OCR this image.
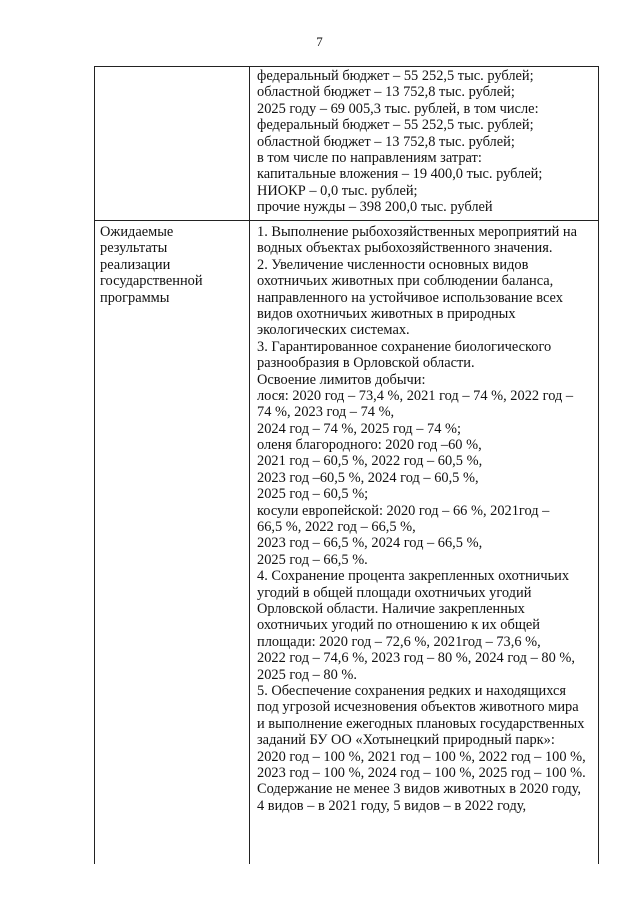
7
федеральный бюджет – 55 252,5 тыс. рублей;
областной бюджет – 13 752,8 тыс. рублей;
2025 году – 69 005,3 тыс. рублей, в том числе:
федеральный бюджет – 55 252,5 тыс. рублей;
областной бюджет – 13 752,8 тыс. рублей;
в том числе по направлениям затрат:
капитальные вложения – 19 400,0 тыс. рублей;
НИОКР – 0,0 тыс. рублей;
прочие нужды – 398 200,0 тыс. рублей
Ожидаемые
результаты
реализации
государственной
программы
1. Выполнение рыбохозяйственных мероприятий на
водных объектах рыбохозяйственного значения.
2. Увеличение численности основных видов
охотничьих животных при соблюдении баланса,
направленного на устойчивое использование всех
видов охотничьих животных в природных
экологических системах.
3. Гарантированное сохранение биологического
разнообразия в Орловской области.
Освоение лимитов добычи:
лося: 2020 год – 73,4 %, 2021 год – 74 %, 2022 год –
74 %, 2023 год – 74 %,
2024 год – 74 %, 2025 год – 74 %;
оленя благородного: 2020 год –60 %,
2021 год – 60,5 %, 2022 год – 60,5 %,
2023 год –60,5 %, 2024 год – 60,5 %,
2025 год – 60,5 %;
косули европейской: 2020 год – 66 %, 2021год –
66,5 %, 2022 год – 66,5 %,
2023 год – 66,5 %, 2024 год – 66,5 %,
2025 год – 66,5 %.
4. Сохранение процента закрепленных охотничьих
угодий в общей площади охотничьих угодий
Орловской области. Наличие закрепленных
охотничьих угодий по отношению к их общей
площади: 2020 год – 72,6 %, 2021год – 73,6 %,
2022 год – 74,6 %, 2023 год – 80 %, 2024 год – 80 %,
2025 год – 80 %.
5. Обеспечение сохранения редких и находящихся
под угрозой исчезновения объектов животного мира
и выполнение ежегодных плановых государственных
заданий БУ ОО «Хотынецкий природный парк»:
2020 год – 100 %, 2021 год – 100 %, 2022 год – 100 %,
2023 год – 100 %, 2024 год – 100 %, 2025 год – 100 %.
Содержание не менее 3 видов животных в 2020 году,
4 видов – в 2021 году, 5 видов – в 2022 году,
